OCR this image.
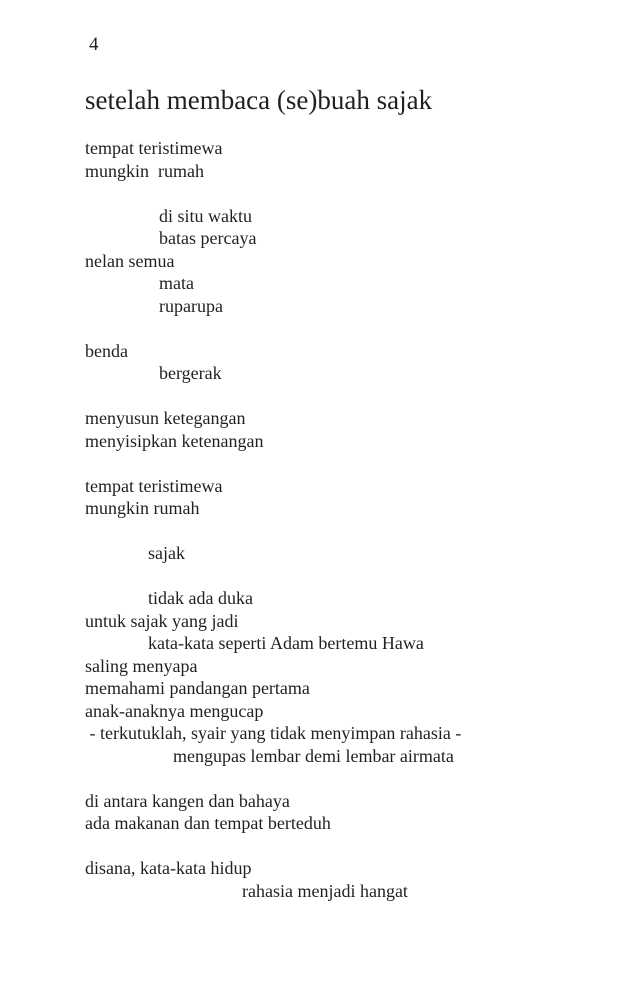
4
setelah membaca (se)buah sajak
tempat teristimewa
mungkin  rumah
di situ waktu
batas percaya
nelan semua
mata
ruparupa
benda
bergerak
menyusun ketegangan
menyisipkan ketenangan
tempat teristimewa
mungkin rumah
sajak
tidak ada duka
untuk sajak yang jadi
kata-kata seperti Adam bertemu Hawa
saling menyapa
memahami pandangan pertama
anak-anaknya mengucap
- terkutuklah, syair yang tidak menyimpan rahasia -
mengupas lembar demi lembar airmata
di antara kangen dan bahaya
ada makanan dan tempat berteduh
disana, kata-kata hidup
rahasia menjadi hangat
